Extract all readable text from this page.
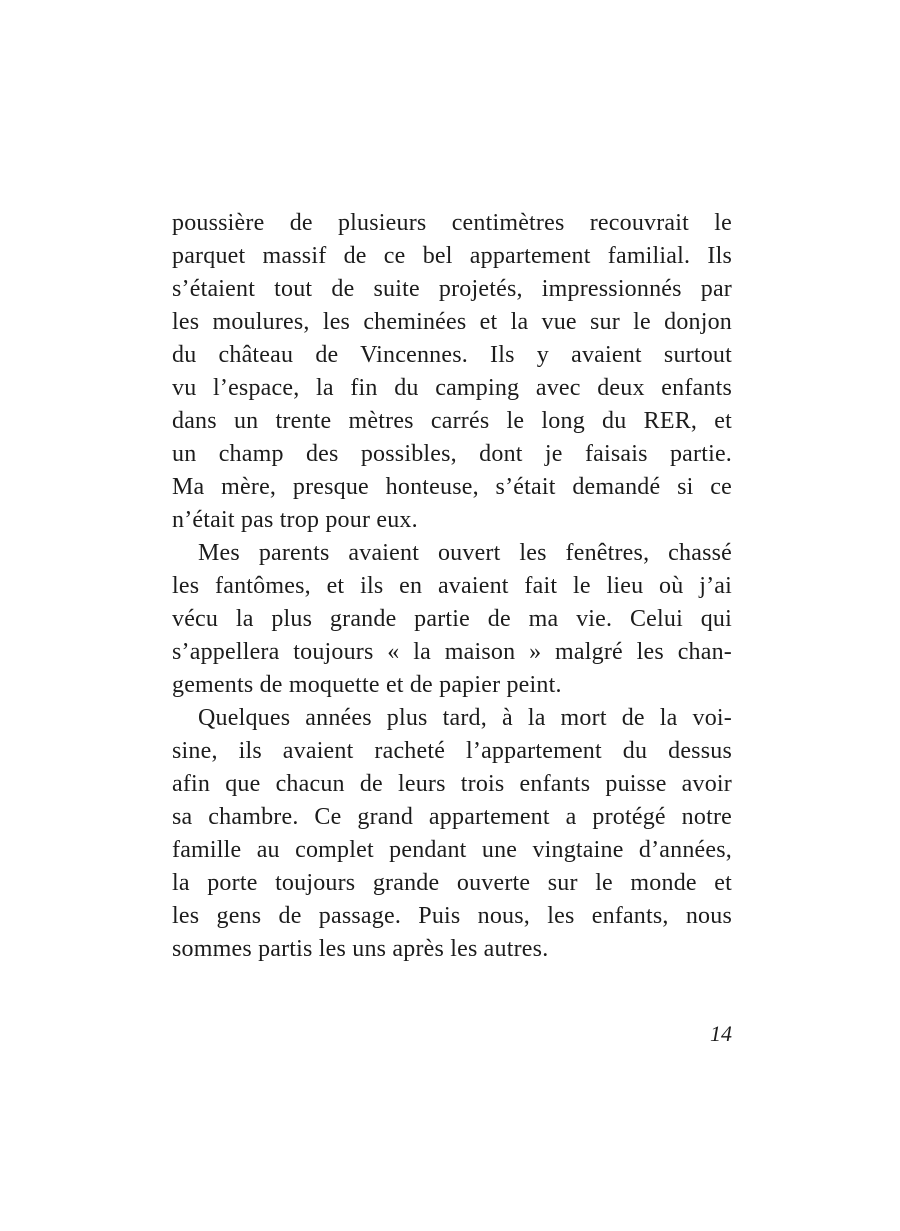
poussière de plusieurs centimètres recouvrait le
parquet massif de ce bel appartement familial. Ils
s’étaient tout de suite projetés, impressionnés par
les moulures, les cheminées et la vue sur le donjon
du château de Vincennes. Ils y avaient surtout
vu l’espace, la fin du camping avec deux enfants
dans un trente mètres carrés le long du RER, et
un champ des possibles, dont je faisais partie.
Ma mère, presque honteuse, s’était demandé si ce
n’était pas trop pour eux.
Mes parents avaient ouvert les fenêtres, chassé
les fantômes, et ils en avaient fait le lieu où j’ai
vécu la plus grande partie de ma vie. Celui qui
s’appellera toujours « la maison » malgré les chan-
gements de moquette et de papier peint.
Quelques années plus tard, à la mort de la voi-
sine, ils avaient racheté l’appartement du dessus
afin que chacun de leurs trois enfants puisse avoir
sa chambre. Ce grand appartement a protégé notre
famille au complet pendant une vingtaine d’années,
la porte toujours grande ouverte sur le monde et
les gens de passage. Puis nous, les enfants, nous
sommes partis les uns après les autres.
14
